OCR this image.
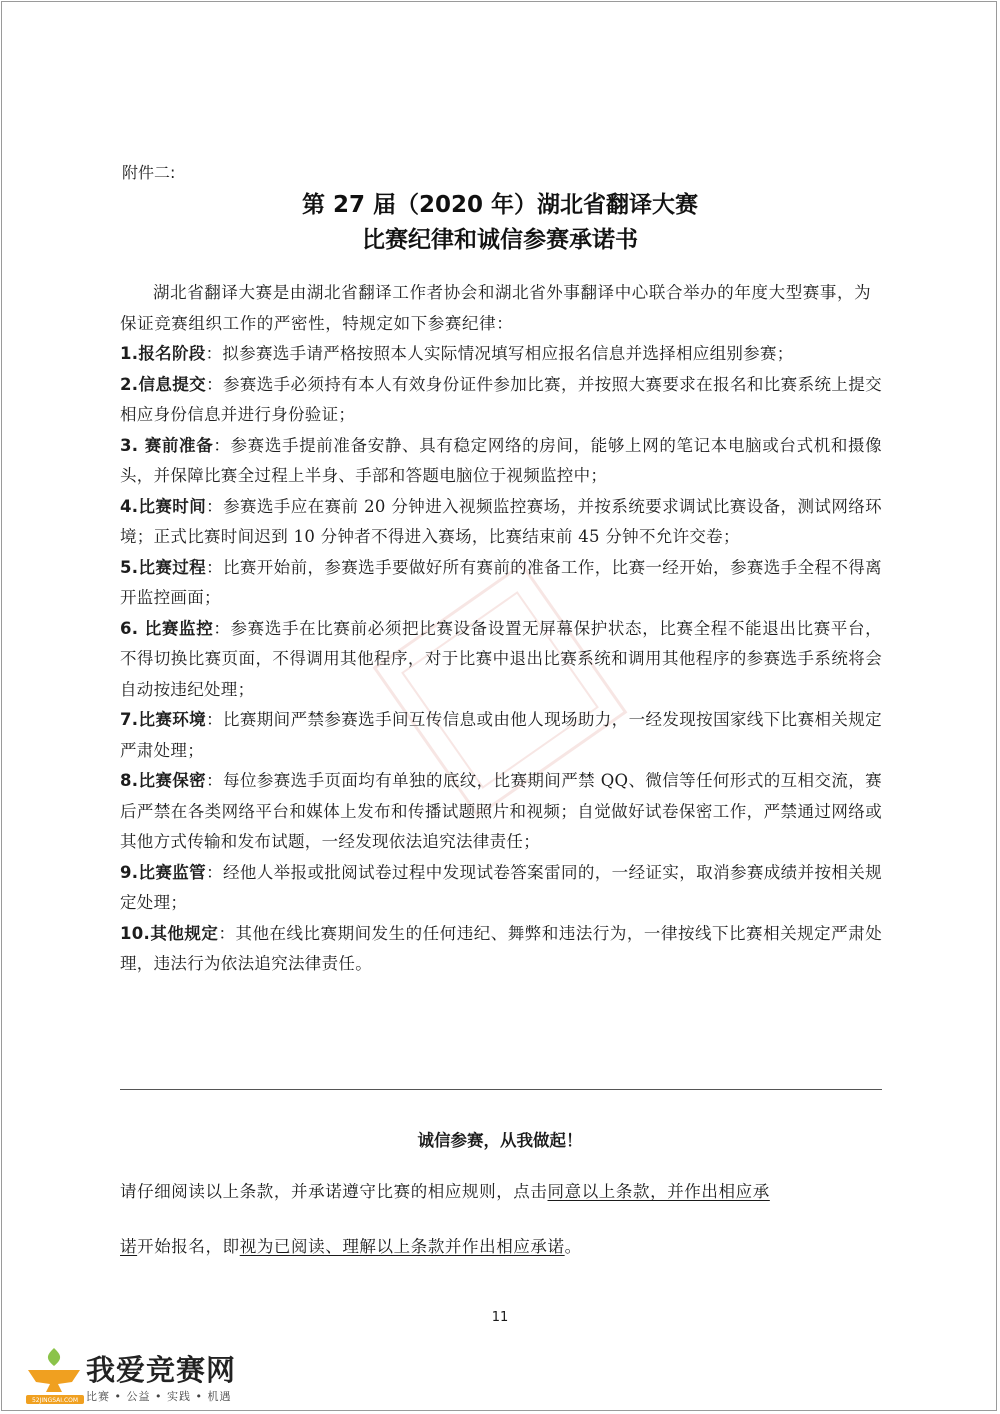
附件二:
第 27 届（2020 年）湖北省翻译大赛
比赛纪律和诚信参赛承诺书

湖北省翻译大赛是由湖北省翻译工作者协会和湖北省外事翻译中心联合举办的年度大型赛事，为保证竞赛组织工作的严密性，特规定如下参赛纪律：

1.报名阶段：拟参赛选手请严格按照本人实际情况填写相应报名信息并选择相应组别参赛；

2.信息提交：参赛选手必须持有本人有效身份证件参加比赛，并按照大赛要求在报名和比赛系统上提交相应身份信息并进行身份验证；

3. 赛前准备：参赛选手提前准备安静、具有稳定网络的房间，能够上网的笔记本电脑或台式机和摄像头，并保障比赛全过程上半身、手部和答题电脑位于视频监控中；

4.比赛时间：参赛选手应在赛前 20 分钟进入视频监控赛场，并按系统要求调试比赛设备，测试网络环境；正式比赛时间迟到 10 分钟者不得进入赛场，比赛结束前 45 分钟不允许交卷；

5.比赛过程：比赛开始前，参赛选手要做好所有赛前的准备工作，比赛一经开始，参赛选手全程不得离开监控画面；

6. 比赛监控：参赛选手在比赛前必须把比赛设备设置无屏幕保护状态，比赛全程不能退出比赛平台，不得切换比赛页面，不得调用其他程序，对于比赛中退出比赛系统和调用其他程序的参赛选手系统将会自动按违纪处理；

7.比赛环境：比赛期间严禁参赛选手间互传信息或由他人现场助力，一经发现按国家线下比赛相关规定严肃处理；

8.比赛保密：每位参赛选手页面均有单独的底纹，比赛期间严禁 QQ、微信等任何形式的互相交流，赛后严禁在各类网络平台和媒体上发布和传播试题照片和视频；自觉做好试卷保密工作，严禁通过网络或其他方式传输和发布试题，一经发现依法追究法律责任；

9.比赛监管：经他人举报或批阅试卷过程中发现试卷答案雷同的，一经证实，取消参赛成绩并按相关规定处理；

10.其他规定：其他在线比赛期间发生的任何违纪、舞弊和违法行为，一律按线下比赛相关规定严肃处理，违法行为依法追究法律责任。

诚信参赛，从我做起！

请仔细阅读以上条款，并承诺遵守比赛的相应规则，点击同意以上条款，并作出相应承

诺开始报名，即视为已阅读、理解以上条款并作出相应承诺。

11
52JINGSAI.COM
我爱竞赛网
比赛 • 公益 • 实践 • 机遇
